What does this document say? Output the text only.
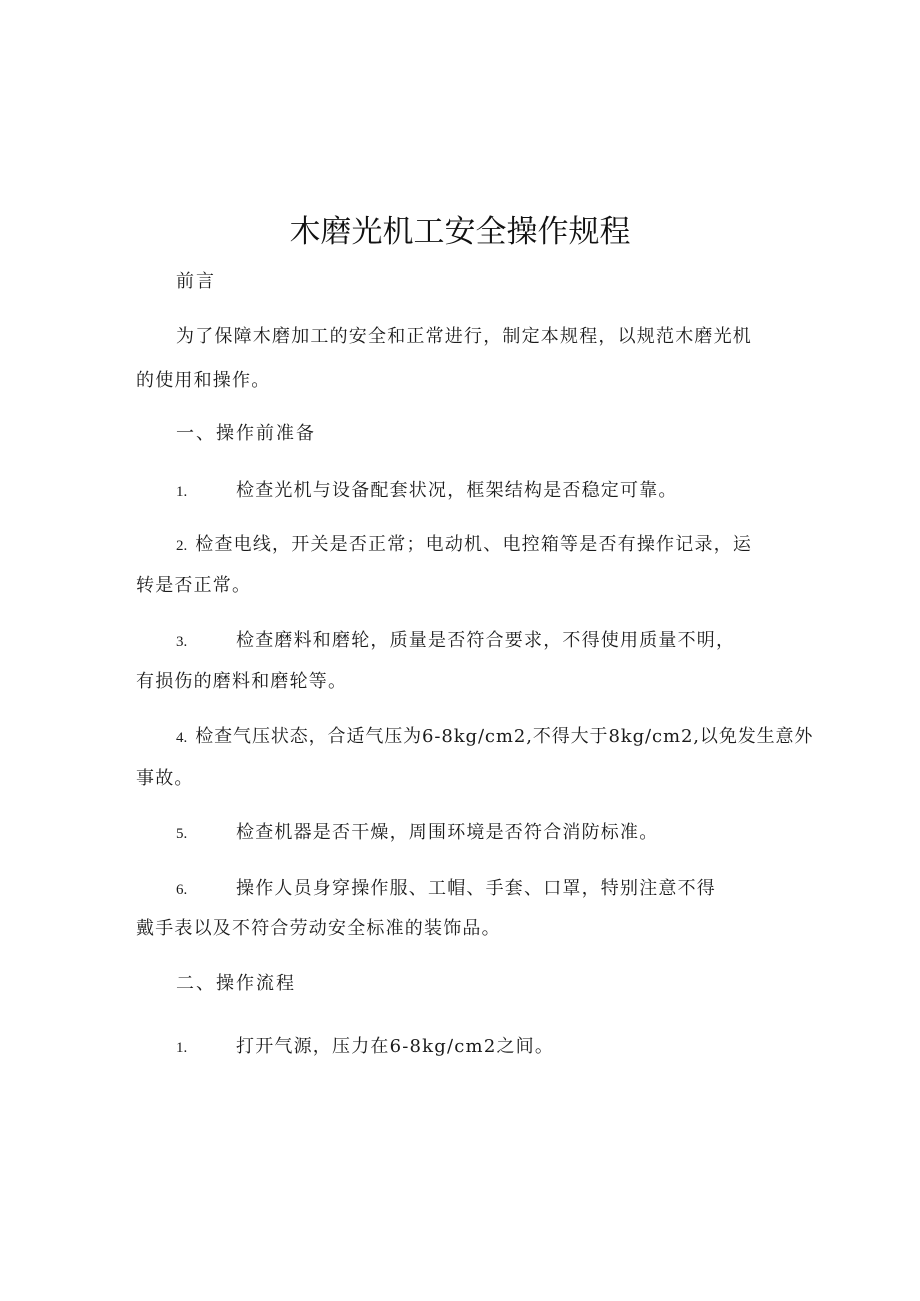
木磨光机工安全操作规程

前言

为了保障木磨加工的安全和正常进行，制定本规程，以规范木磨光机

的使用和操作。

一、操作前准备

1.	检查光机与设备配套状况，框架结构是否稳定可靠。

2. 检查电线，开关是否正常；电动机、电控箱等是否有操作记录，运

转是否正常。

3.	检查磨料和磨轮，质量是否符合要求，不得使用质量不明，

有损伤的磨料和磨轮等。

4. 检查气压状态，合适气压为6-8kg∕cm2,不得大于8kg∕cm2,以免发生意外

事故。

5.	检查机器是否干燥，周围环境是否符合消防标准。

6.	操作人员身穿操作服、工帽、手套、口罩，特别注意不得

戴手表以及不符合劳动安全标准的装饰品。

二、操作流程

1.	打开气源，压力在6-8kg∕cm2之间。
